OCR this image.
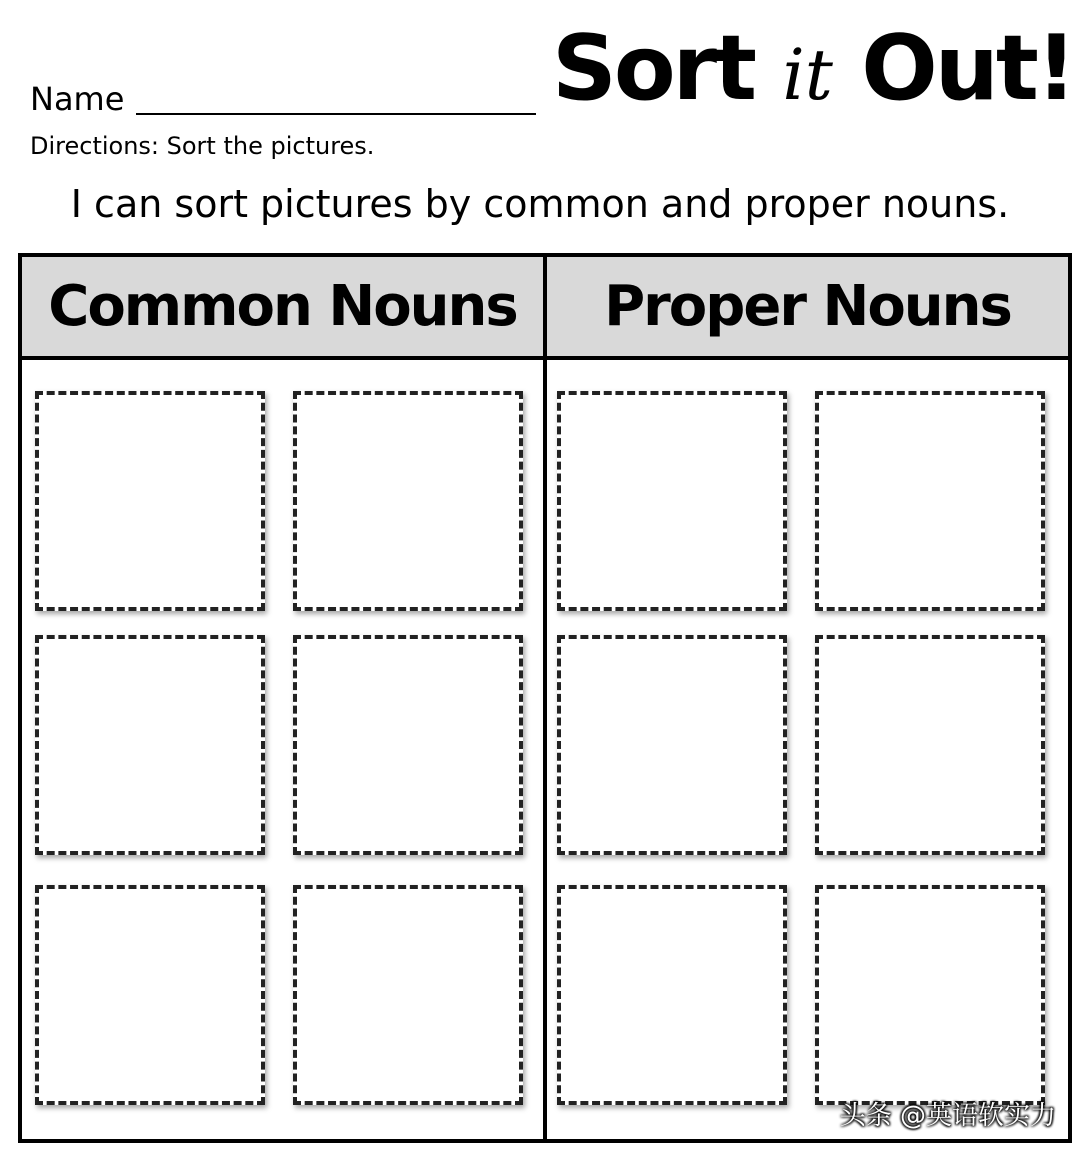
Name	Sort it Out!
Directions: Sort the pictures.
I can sort pictures by common and proper nouns.
Common Nouns	Proper Nouns
头条 @英语软实力
